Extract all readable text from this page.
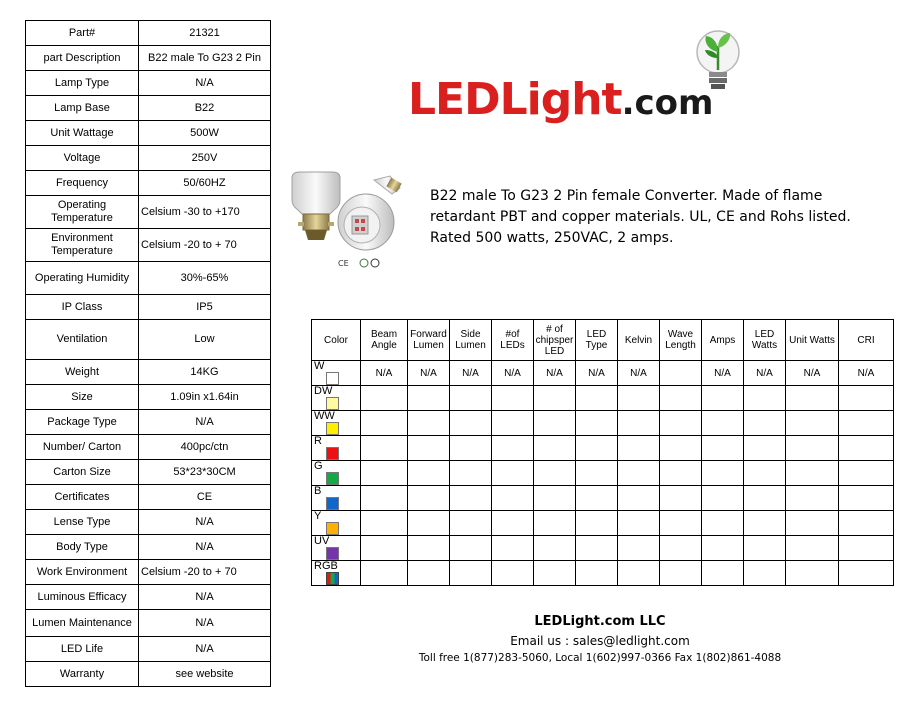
Part#	21321
part Description	B22 male To G23 2 Pin
Lamp Type	N/A
Lamp Base	B22
Unit Wattage	500W
Voltage	250V
Frequency	50/60HZ
Operating Temperature	Celsium -30 to +170
Environment Temperature	Celsium -20 to + 70
Operating Humidity	30%-65%
IP Class	IP5
Ventilation	Low
Weight	14KG
Size	1.09in x1.64in
Package Type	N/A
Number/ Carton	400pc/ctn
Carton Size	53*23*30CM
Certificates	CE
Lense Type	N/A
Body Type	N/A
Work Environment	Celsium -20 to + 70
Luminous Efficacy	N/A
Lumen Maintenance	N/A
LED Life	N/A
Warranty	see website
LEDLight.com
CE
B22 male To G23 2 Pin female Converter. Made of flame retardant PBT and copper materials. UL, CE and Rohs listed. Rated 500 watts, 250VAC, 2 amps.
Color	Beam Angle	Forward Lumen	Side Lumen	#of LEDs	# of chipsper LED	LED Type	Kelvin	Wave Length	Amps	LED Watts	Unit Watts	CRI
W	N/A	N/A	N/A	N/A	N/A	N/A	N/A		N/A	N/A	N/A	N/A
DW												
WW												
R												
G												
B												
Y												
UV												
RGB												
LEDLight.com LLC
Email us : sales@ledlight.com
Toll free 1(877)283-5060, Local 1(602)997-0366 Fax 1(802)861-4088
